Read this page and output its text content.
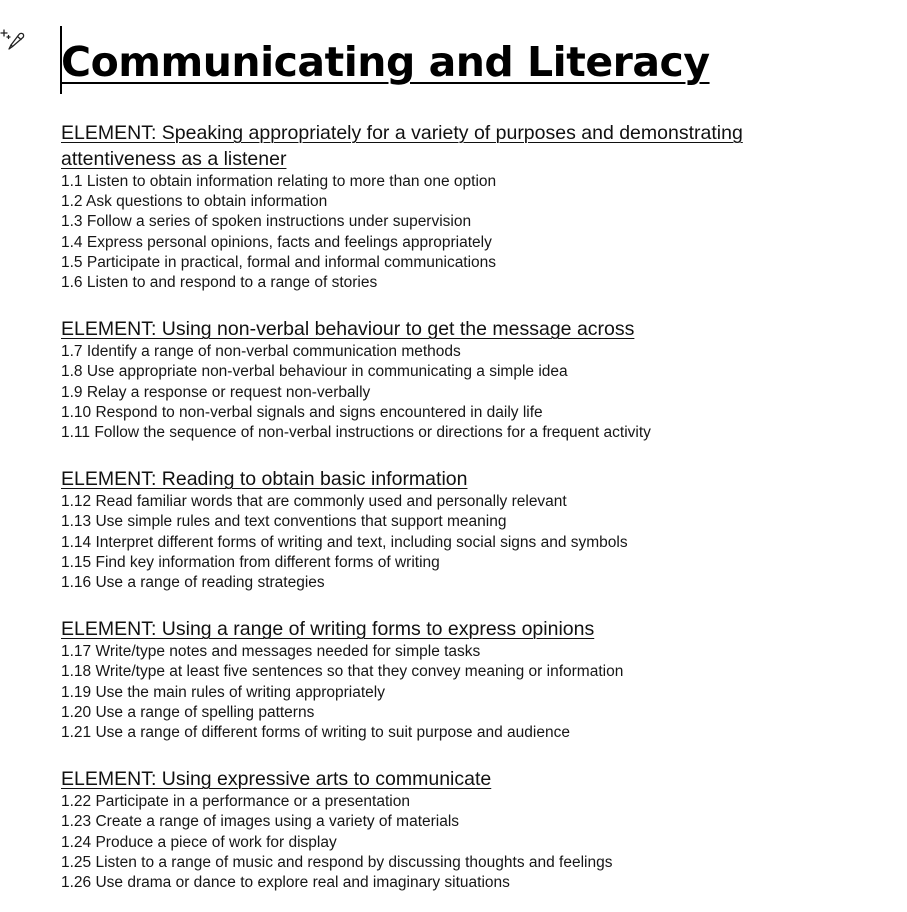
Communicating and Literacy
ELEMENT: Speaking appropriately for a variety of purposes and demonstrating attentiveness as a listener
1.1 Listen to obtain information relating to more than one option
1.2 Ask questions to obtain information
1.3 Follow a series of spoken instructions under supervision
1.4 Express personal opinions, facts and feelings appropriately
1.5 Participate in practical, formal and informal communications
1.6 Listen to and respond to a range of stories
ELEMENT: Using non-verbal behaviour to get the message across
1.7 Identify a range of non-verbal communication methods
1.8 Use appropriate non-verbal behaviour in communicating a simple idea
1.9 Relay a response or request non-verbally
1.10 Respond to non-verbal signals and signs encountered in daily life
1.11 Follow the sequence of non-verbal instructions or directions for a frequent activity
ELEMENT: Reading to obtain basic information
1.12 Read familiar words that are commonly used and personally relevant
1.13 Use simple rules and text conventions that support meaning
1.14 Interpret different forms of writing and text, including social signs and symbols
1.15 Find key information from different forms of writing
1.16 Use a range of reading strategies
ELEMENT: Using a range of writing forms to express opinions
1.17 Write/type notes and messages needed for simple tasks
1.18 Write/type at least five sentences so that they convey meaning or information
1.19 Use the main rules of writing appropriately
1.20 Use a range of spelling patterns
1.21 Use a range of different forms of writing to suit purpose and audience
ELEMENT: Using expressive arts to communicate
1.22 Participate in a performance or a presentation
1.23 Create a range of images using a variety of materials
1.24 Produce a piece of work for display
1.25 Listen to a range of music and respond by discussing thoughts and feelings
1.26 Use drama or dance to explore real and imaginary situations
